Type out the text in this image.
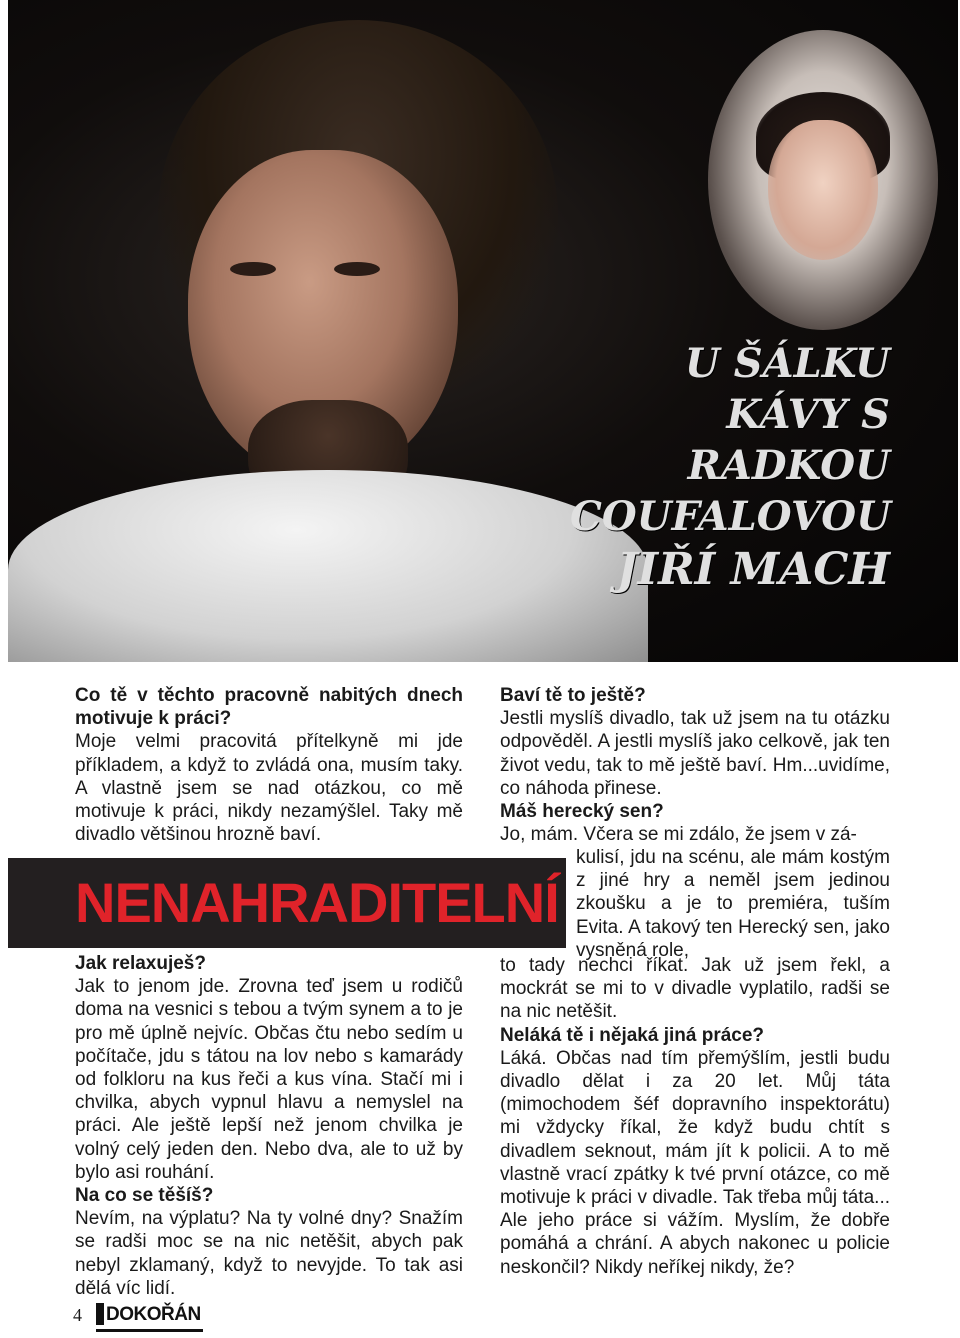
U ŠÁLKU
KÁVY S
RADKOU
COUFALOVOU
JIŘÍ MACH

Co tě v těchto pracovně nabitých dnech motivuje k práci?

Moje velmi pracovitá přítelkyně mi jde příkladem, a když to zvládá ona, musím taky. A vlastně jsem se nad otázkou, co mě motivuje k práci, nikdy nezamýšlel. Taky mě divadlo většinou hrozně baví.

NENAHRADITELNÍ

Jak relaxuješ?

Jak to jenom jde. Zrovna teď jsem u rodičů doma na vesnici s tebou a tvým synem a to je pro mě úplně nejvíc. Občas čtu nebo sedím u počítače, jdu s tátou na lov nebo s kamarády od folkloru na kus řeči a kus vína. Stačí mi i chvilka, abych vypnul hlavu a nemyslel na práci. Ale ještě lepší než jenom chvilka je volný celý jeden den. Nebo dva, ale to už by bylo asi rouhání.

Na co se těšíš?

Nevím, na výplatu? Na ty volné dny? Snažím se radši moc se na nic netěšit, abych pak nebyl zklamaný, když to nevyjde. To tak asi dělá víc lidí.

Baví tě to ještě?

Jestli myslíš divadlo, tak už jsem na tu otázku odpověděl. A jestli myslíš jako celkově, jak ten život vedu, tak to mě ještě baví. Hm...uvidíme, co náhoda přinese.

Máš herecký sen?

Jo, mám. Včera se mi zdálo, že jsem v zá-

kulisí, jdu na scénu, ale mám kostým z jiné hry a neměl jsem jedinou zkoušku a je to premiéra, tuším Evita. A takový ten Herecký sen, jako vysněná role,

to tady nechci říkat. Jak už jsem řekl, a mockrát se mi to v divadle vyplatilo, radši se na nic netěšit.

Neláká tě i nějaká jiná práce?

Láká. Občas nad tím přemýšlím, jestli budu divadlo dělat i za 20 let. Můj táta (mimochodem šéf dopravního inspektorátu) mi vždycky říkal, že když budu chtít s divadlem seknout, mám jít k policii. A to mě vlastně vrací zpátky k tvé první otázce, co mě motivuje k práci v divadle. Tak třeba můj táta... Ale jeho práce si vážím. Myslím, že dobře pomáhá a chrání. A abych nakonec u policie neskončil? Nikdy neříkej nikdy, že?

4	DOKOŘÁN
